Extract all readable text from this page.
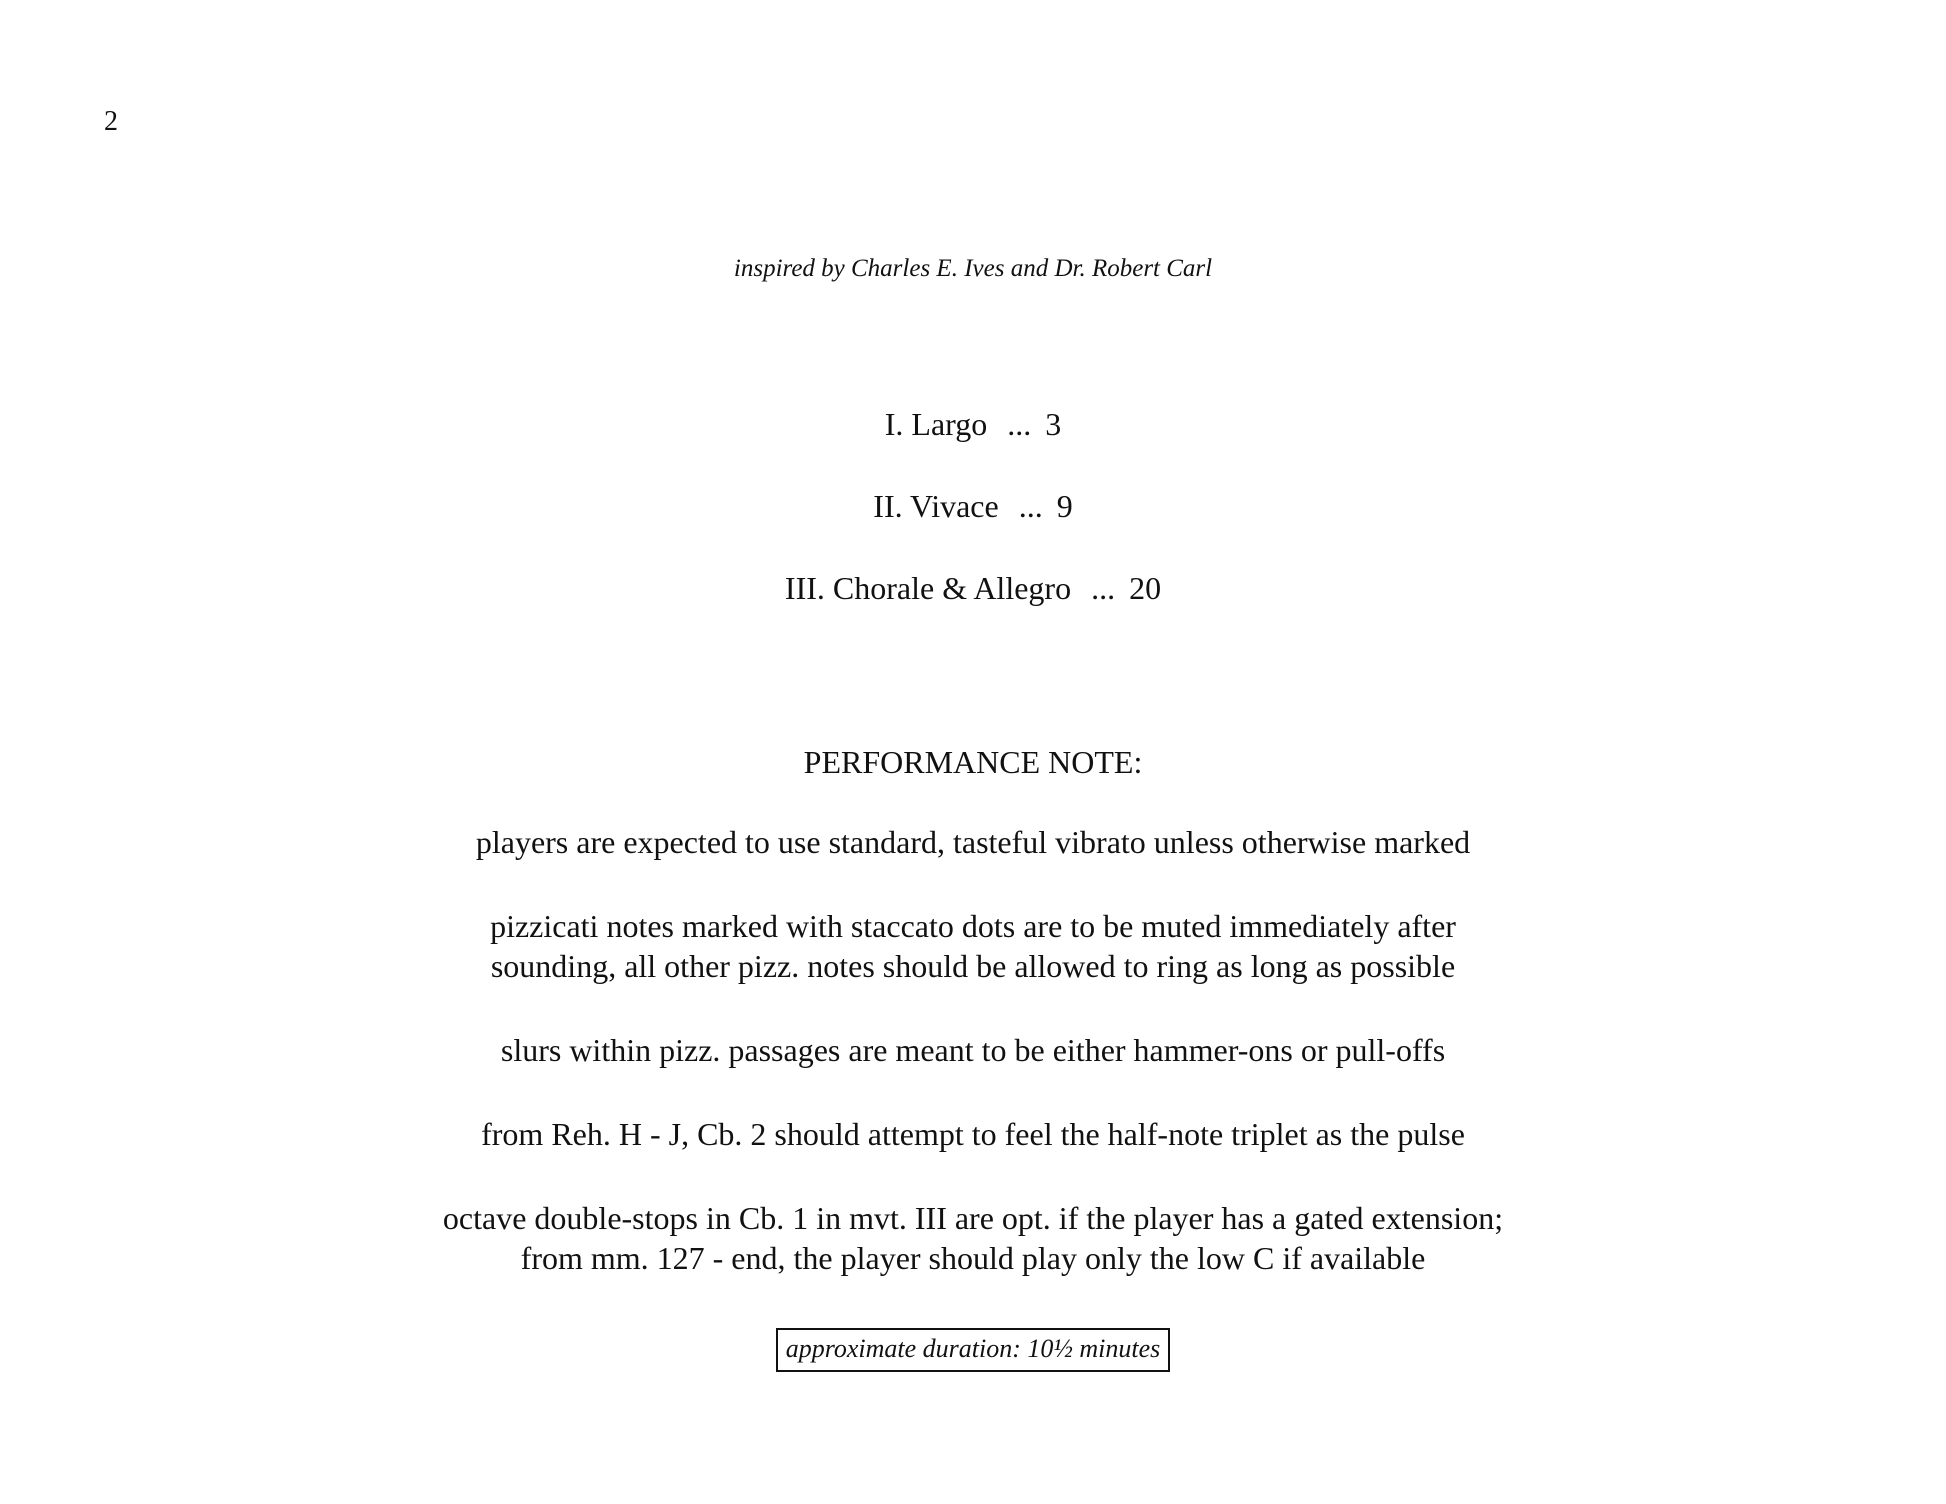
2
inspired by Charles E. Ives and Dr. Robert Carl
I. Largo ... 3
II. Vivace ... 9
III. Chorale & Allegro ... 20
PERFORMANCE NOTE:

players are expected to use standard, tasteful vibrato unless otherwise marked

pizzicati notes marked with staccato dots are to be muted immediately after
sounding, all other pizz. notes should be allowed to ring as long as possible

slurs within pizz. passages are meant to be either hammer-ons or pull-offs

from Reh. H - J, Cb. 2 should attempt to feel the half-note triplet as the pulse

octave double-stops in Cb. 1 in mvt. III are opt. if the player has a gated extension;
from mm. 127 - end, the player should play only the low C if available

approximate duration: 10½ minutes
